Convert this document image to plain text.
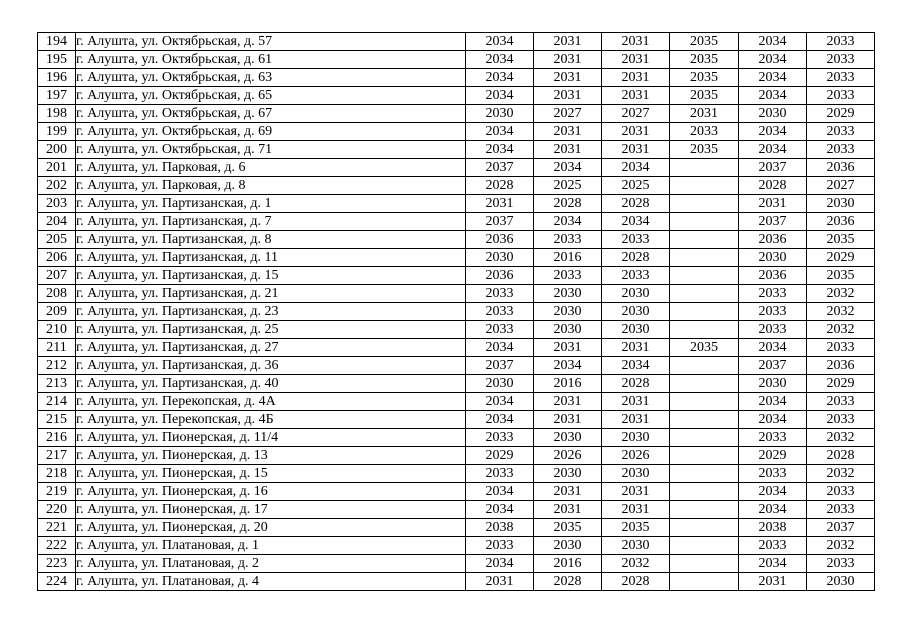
194	г. Алушта, ул. Октябрьская, д. 57	2034	2031	2031	2035	2034	2033
195	г. Алушта, ул. Октябрьская, д. 61	2034	2031	2031	2035	2034	2033
196	г. Алушта, ул. Октябрьская, д. 63	2034	2031	2031	2035	2034	2033
197	г. Алушта, ул. Октябрьская, д. 65	2034	2031	2031	2035	2034	2033
198	г. Алушта, ул. Октябрьская, д. 67	2030	2027	2027	2031	2030	2029
199	г. Алушта, ул. Октябрьская, д. 69	2034	2031	2031	2033	2034	2033
200	г. Алушта, ул. Октябрьская, д. 71	2034	2031	2031	2035	2034	2033
201	г. Алушта, ул. Парковая, д. 6	2037	2034	2034		2037	2036
202	г. Алушта, ул. Парковая, д. 8	2028	2025	2025		2028	2027
203	г. Алушта, ул. Партизанская, д. 1	2031	2028	2028		2031	2030
204	г. Алушта, ул. Партизанская, д. 7	2037	2034	2034		2037	2036
205	г. Алушта, ул. Партизанская, д. 8	2036	2033	2033		2036	2035
206	г. Алушта, ул. Партизанская, д. 11	2030	2016	2028		2030	2029
207	г. Алушта, ул. Партизанская, д. 15	2036	2033	2033		2036	2035
208	г. Алушта, ул. Партизанская, д. 21	2033	2030	2030		2033	2032
209	г. Алушта, ул. Партизанская, д. 23	2033	2030	2030		2033	2032
210	г. Алушта, ул. Партизанская, д. 25	2033	2030	2030		2033	2032
211	г. Алушта, ул. Партизанская, д. 27	2034	2031	2031	2035	2034	2033
212	г. Алушта, ул. Партизанская, д. 36	2037	2034	2034		2037	2036
213	г. Алушта, ул. Партизанская, д. 40	2030	2016	2028		2030	2029
214	г. Алушта, ул. Перекопская, д. 4А	2034	2031	2031		2034	2033
215	г. Алушта, ул. Перекопская, д. 4Б	2034	2031	2031		2034	2033
216	г. Алушта, ул. Пионерская, д. 11/4	2033	2030	2030		2033	2032
217	г. Алушта, ул. Пионерская, д. 13	2029	2026	2026		2029	2028
218	г. Алушта, ул. Пионерская, д. 15	2033	2030	2030		2033	2032
219	г. Алушта, ул. Пионерская, д. 16	2034	2031	2031		2034	2033
220	г. Алушта, ул. Пионерская, д. 17	2034	2031	2031		2034	2033
221	г. Алушта, ул. Пионерская, д. 20	2038	2035	2035		2038	2037
222	г. Алушта, ул. Платановая, д. 1	2033	2030	2030		2033	2032
223	г. Алушта, ул. Платановая, д. 2	2034	2016	2032		2034	2033
224	г. Алушта, ул. Платановая, д. 4	2031	2028	2028		2031	2030
